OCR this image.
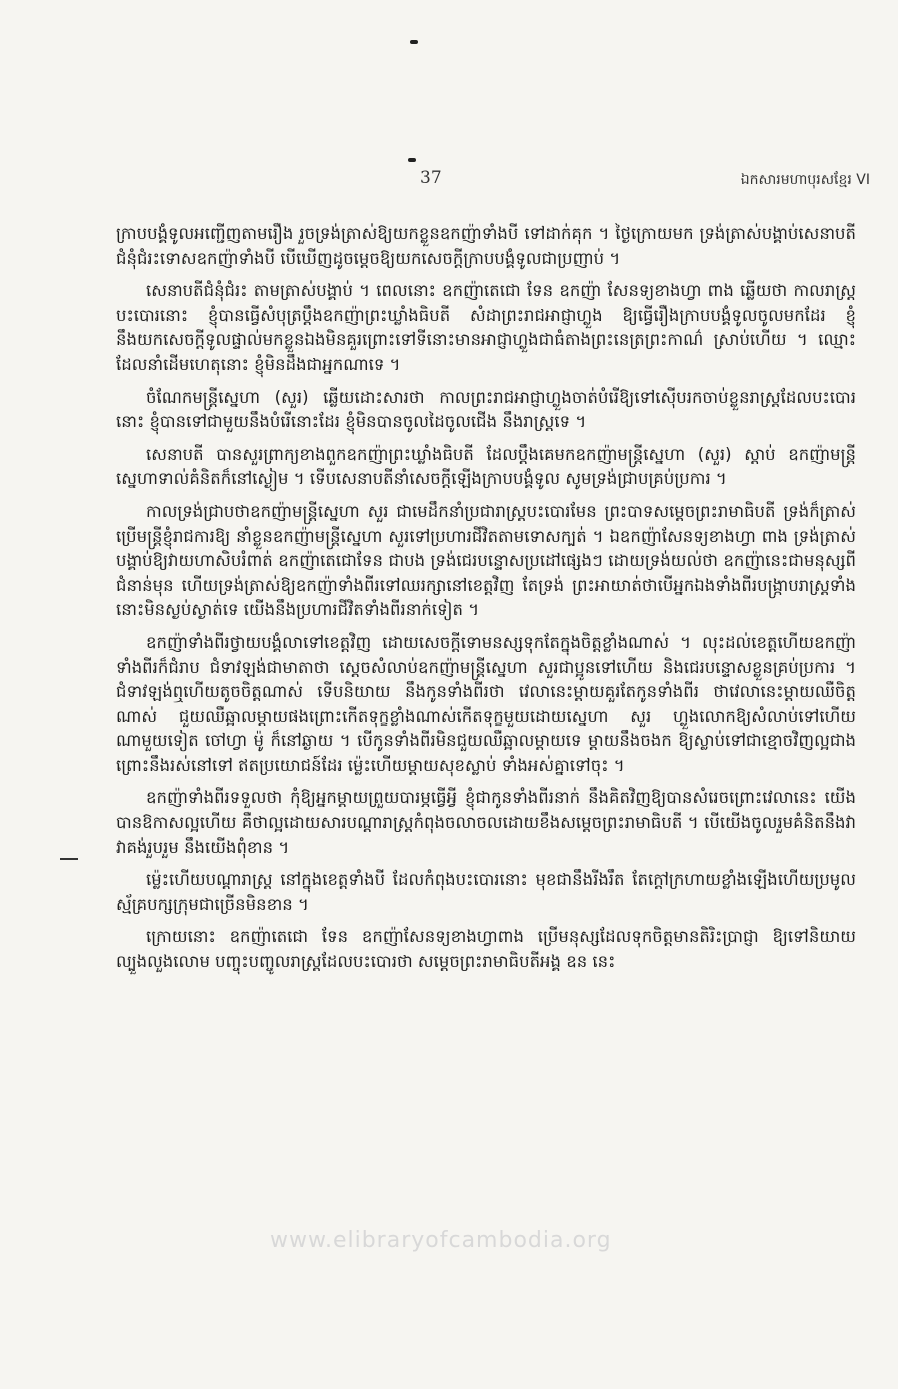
37	ឯកសារមហាបុរសខ្មែរ VI

ក្រាបបង្គំទូលអញ្ជើញតាមរឿង រួចទ្រង់ត្រាស់ឱ្យយកខ្លួនឧកញ៉ាទាំងបី ទៅដាក់គុក ។ ថ្ងៃក្រោយមក ទ្រង់ត្រាស់បង្គាប់សេនាបតី ជំនុំជំរះទោសឧកញ៉ាទាំងបី បើឃើញដូចម្តេចឱ្យយកសេចក្តីក្រាបបង្គំទូលជាប្រញាប់ ។

សេនាបតីជំនុំជំរះ តាមត្រាស់បង្គាប់ ។ ពេលនោះ ឧកញ៉ាតេជោ ទែន ឧកញ៉ា សែនទ្យខាងហ្វា ពាង ឆ្លើយថា កាលរាស្ត្របះបោរនោះ ខ្ញុំបានធ្វើសំបុត្រប្តឹងឧកញ៉ាព្រះឃ្លាំងធិបតី សំដាព្រះរាជអាជ្ញាហ្លួង ឱ្យធ្វើរឿងក្រាបបង្គំទូលចូលមកដែរ ខ្ញុំនឹងយកសេចក្តីទូលផ្ទាល់មកខ្លួនឯងមិនគួរព្រោះទៅទីនោះមានអាជ្ញាហ្លួងជាធំតាងព្រះនេត្រព្រះកាណ៌ ស្រាប់ហើយ ។ ឈ្មោះដែលនាំដើមហេតុនោះ ខ្ញុំមិនដឹងជាអ្នកណាទេ ។

ចំណែកមន្ត្រីស្នេហា (សួរ) ឆ្លើយដោះសារថា កាលព្រះរាជអាជ្ញាហ្លួងចាត់បំរើឱ្យទៅស៊ើបរកចាប់ខ្លួនរាស្ត្រដែលបះបោរនោះ ខ្ញុំបានទៅជាមួយនឹងបំរើនោះដែរ ខ្ញុំមិនបានចូលដៃចូលជើង នឹងរាស្ត្រទេ ។

សេនាបតី បានសួរព្រាក្យខាងពួកឧកញ៉ាព្រះឃ្លាំងធិបតី ដែលប្តឹងគេមកឧកញ៉ាមន្ត្រីស្នេហា (សួរ) ស្តាប់ ឧកញ៉ាមន្ត្រីស្នេហាទាល់គំនិតក៏នៅស្ងៀម ។ ទើបសេនាបតីនាំសេចក្តីឡើងក្រាបបង្គំទូល សូមទ្រង់ជ្រាបគ្រប់ប្រការ ។

កាលទ្រង់ជ្រាបថាឧកញ៉ាមន្ត្រីស្នេហា សួរ ជាមេដឹកនាំប្រជារាស្ត្របះបោរមែន ព្រះបាទសម្តេចព្រះរាមាធិបតី ទ្រង់ក៏ត្រាស់ប្រើមន្ត្រីខ្ញុំរាជការឱ្យ នាំខ្លួនឧកញ៉ាមន្ត្រីស្នេហា សួរទៅប្រហារជីវិតតាមទោសក្បត់ ។ ឯឧកញ៉ាសែនទ្យខាងហ្វា ពាង ទ្រង់ត្រាស់បង្គាប់ឱ្យវាយហាសិបរំពាត់ ឧកញ៉ាតេជោទែន ជាបង ទ្រង់ជេរបន្ទោសប្រដៅផ្សេងៗ ដោយទ្រង់យល់ថា ឧកញ៉ានេះជាមនុស្សពីជំនាន់មុន ហើយទ្រង់ត្រាស់ឱ្យឧកញ៉ាទាំងពីរទៅឈរក្សានៅខេត្តវិញ តែទ្រង់ ព្រះអាយាត់ថាបើអ្នកឯងទាំងពីរបង្ក្រាបរាស្ត្រទាំងនោះមិនស្ងប់ស្ងាត់ទេ យើងនឹងប្រហារជីវិតទាំងពីរនាក់ទៀត ។

ឧកញ៉ាទាំងពីរថ្វាយបង្គំលាទៅខេត្តវិញ ដោយសេចក្តីទោមនស្សទុកតែក្នុងចិត្តខ្លាំងណាស់ ។ លុះដល់ខេត្តហើយឧកញ៉ាទាំងពីរក៏ជំរាប ជំទាវឡង់ជាមាតាថា ស្តេចសំលាប់ឧកញ៉ាមន្ត្រីស្នេហា សួរជាប្អូនទៅហើយ និងជេរបន្ទោសខ្លួនគ្រប់ប្រការ ។ ជំទាវឡង់ឮហើយតូចចិត្តណាស់ ទើបនិយាយ នឹងកូនទាំងពីរថា វេលានេះម្តាយគួរតែកូនទាំងពីរ ថាវេលានេះម្តាយឈឺចិត្តណាស់ ជួយឈឺឆ្អាលម្តាយផងព្រោះកើតទុក្ខខ្លាំងណាស់កើតទុក្ខមួយដោយស្នេហា សួរ ហ្លួងលោកឱ្យសំលាប់ទៅហើយ ណាមួយទៀត ចៅហ្វា ម៉ូ ក៏នៅឆ្ងាយ ។ បើកូនទាំងពីរមិនជួយឈឺឆ្អាលម្តាយទេ ម្តាយនឹងចងក ឱ្យស្លាប់ទៅជាខ្មោចវិញល្អជាង ព្រោះនឹងរស់នៅទៅ ឥតប្រយោជន៍ដែរ ម្ល៉េះហើយម្តាយសុខស្លាប់ ទាំងអស់គ្នាទៅចុះ ។

ឧកញ៉ាទាំងពីរទទួលថា កុំឱ្យអ្នកម្តាយព្រួយបារម្ភធ្វើអ្វី ខ្ញុំជាកូនទាំងពីរនាក់ នឹងគិតវិញឱ្យបានសំរេចព្រោះវេលានេះ យើងបានឱកាសល្អហើយ គឺថាល្អដោយសារបណ្តារាស្ត្រកំពុងចលាចលដោយខឹងសម្តេចព្រះរាមាធិបតី ។ បើយើងចូលរួមគំនិតនឹងវា វាគង់រួបរួម នឹងយើងពុំខាន ។

ម្ល៉េះហើយបណ្តារាស្ត្រ នៅក្នុងខេត្តទាំងបី ដែលកំពុងបះបោរនោះ មុខជានឹងរីងរឹត តែក្តៅក្រហាយខ្លាំងឡើងហើយប្រមូលស្ម័គ្របក្សក្រុមជាច្រើនមិនខាន ។

ក្រោយនោះ ឧកញ៉ាតេជោ ទែន ឧកញ៉ាសែនទ្យខាងហ្វាពាង ប្រើមនុស្សដែលទុកចិត្តមានតិរិះប្រាជ្ញា ឱ្យទៅនិយាយល្បួងលួងលោម បញ្ចុះបញ្ចូលរាស្ត្រដែលបះបោរថា សម្តេចព្រះរាមាធិបតីអង្គ ឧន នេះ

www.elibraryofcambodia.org
